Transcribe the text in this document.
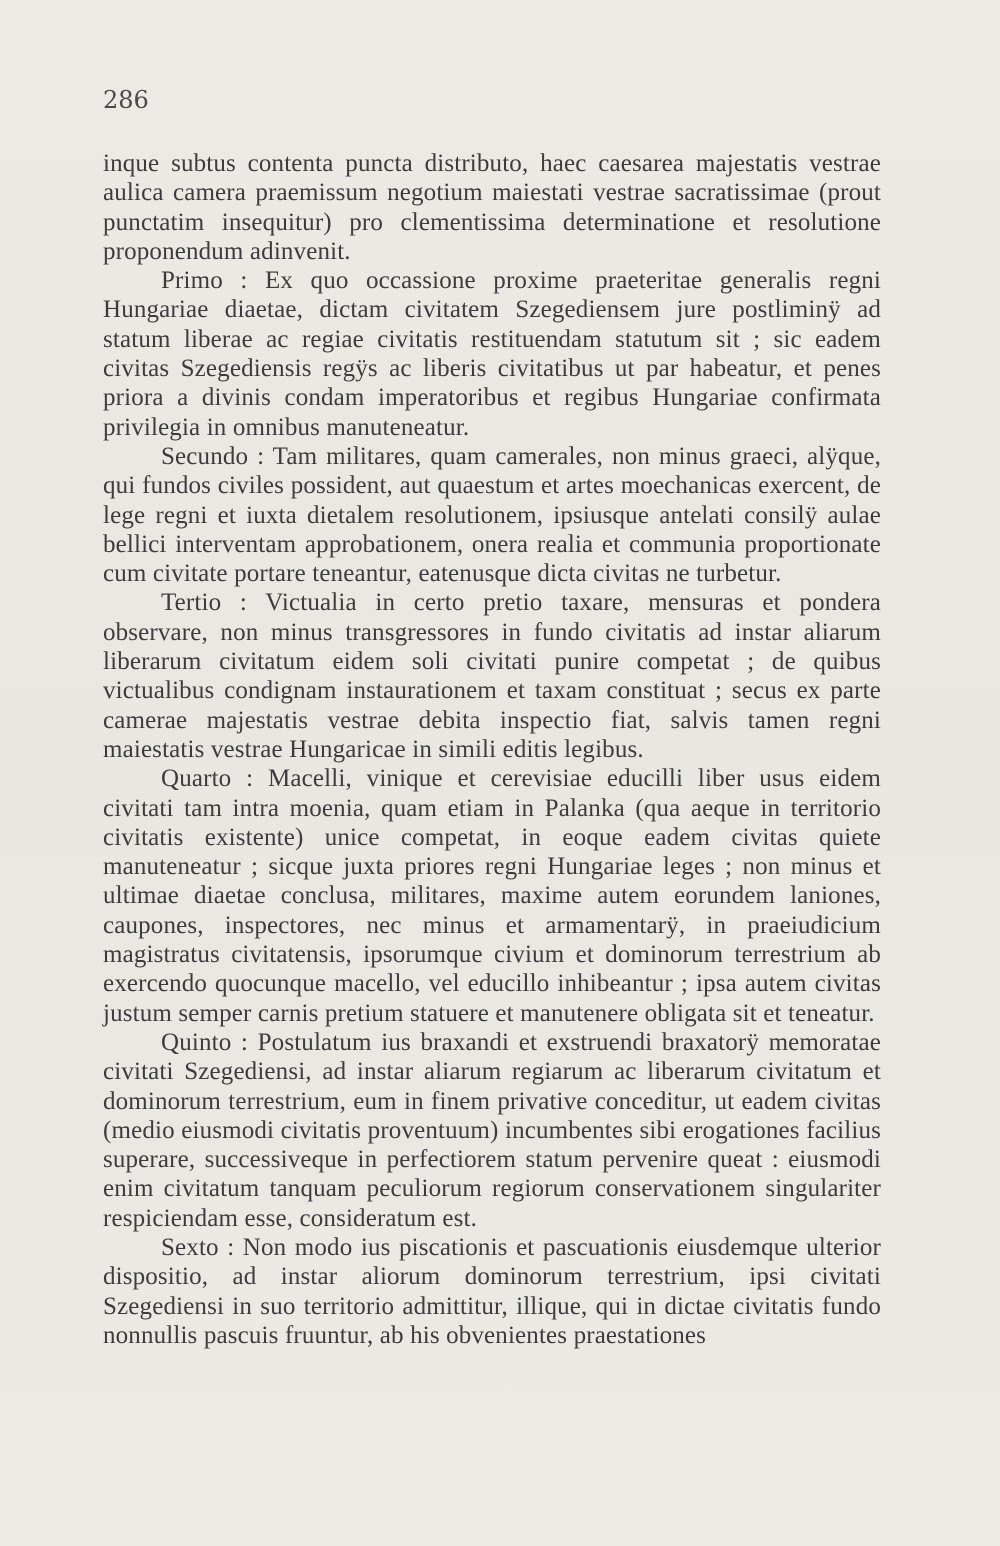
286

inque subtus contenta puncta distributo, haec caesarea majestatis vestrae aulica camera praemissum negotium maiestati vestrae sacratissimae (prout punctatim insequitur) pro clementissima determinatione et resolutione proponendum adinvenit.

Primo : Ex quo occassione proxime praeteritae generalis regni Hungariae diaetae, dictam civitatem Szegediensem jure postliminÿ ad statum liberae ac regiae civitatis restituendam statutum sit ; sic eadem civitas Szegediensis regÿs ac liberis civitatibus ut par habeatur, et penes priora a divinis condam imperatoribus et regibus Hungariae confirmata privilegia in omnibus manuteneatur.

Secundo : Tam militares, quam camerales, non minus graeci, alÿque, qui fundos civiles possident, aut quaestum et artes moechanicas exercent, de lege regni et iuxta dietalem resolutionem, ipsiusque antelati consilÿ aulae bellici interventam approbationem, onera realia et communia proportionate cum civitate portare teneantur, eatenusque dicta civitas ne turbetur.

Tertio : Victualia in certo pretio taxare, mensuras et pondera observare, non minus transgressores in fundo civitatis ad instar aliarum liberarum civitatum eidem soli civitati punire competat ; de quibus victualibus condignam instaurationem et taxam constituat ; secus ex parte camerae majestatis vestrae debita inspectio fiat, salvis tamen regni maiestatis vestrae Hungaricae in simili editis legibus.

Quarto : Macelli, vinique et cerevisiae educilli liber usus eidem civitati tam intra moenia, quam etiam in Palanka (qua aeque in territorio civitatis existente) unice competat, in eoque eadem civitas quiete manuteneatur ; sicque juxta priores regni Hungariae leges ; non minus et ultimae diaetae conclusa, militares, maxime autem eorundem laniones, caupones, inspectores, nec minus et armamentarÿ, in praeiudicium magistratus civitatensis, ipsorumque civium et dominorum terrestrium ab exercendo quocunque macello, vel educillo inhibeantur ; ipsa autem civitas justum semper carnis pretium statuere et manutenere obligata sit et teneatur.

Quinto : Postulatum ius braxandi et exstruendi braxatorÿ memoratae civitati Szegediensi, ad instar aliarum regiarum ac liberarum civitatum et dominorum terrestrium, eum in finem privative conceditur, ut eadem civitas (medio eiusmodi civitatis proventuum) incumbentes sibi erogationes facilius superare, successiveque in perfectiorem statum pervenire queat : eiusmodi enim civitatum tanquam peculiorum regiorum conservationem singulariter respiciendam esse, consideratum est.

Sexto : Non modo ius piscationis et pascuationis eiusdemque ulterior dispositio, ad instar aliorum dominorum terrestrium, ipsi civitati Szegediensi in suo territorio admittitur, illique, qui in dictae civitatis fundo nonnullis pascuis fruuntur, ab his obvenientes praestationes
